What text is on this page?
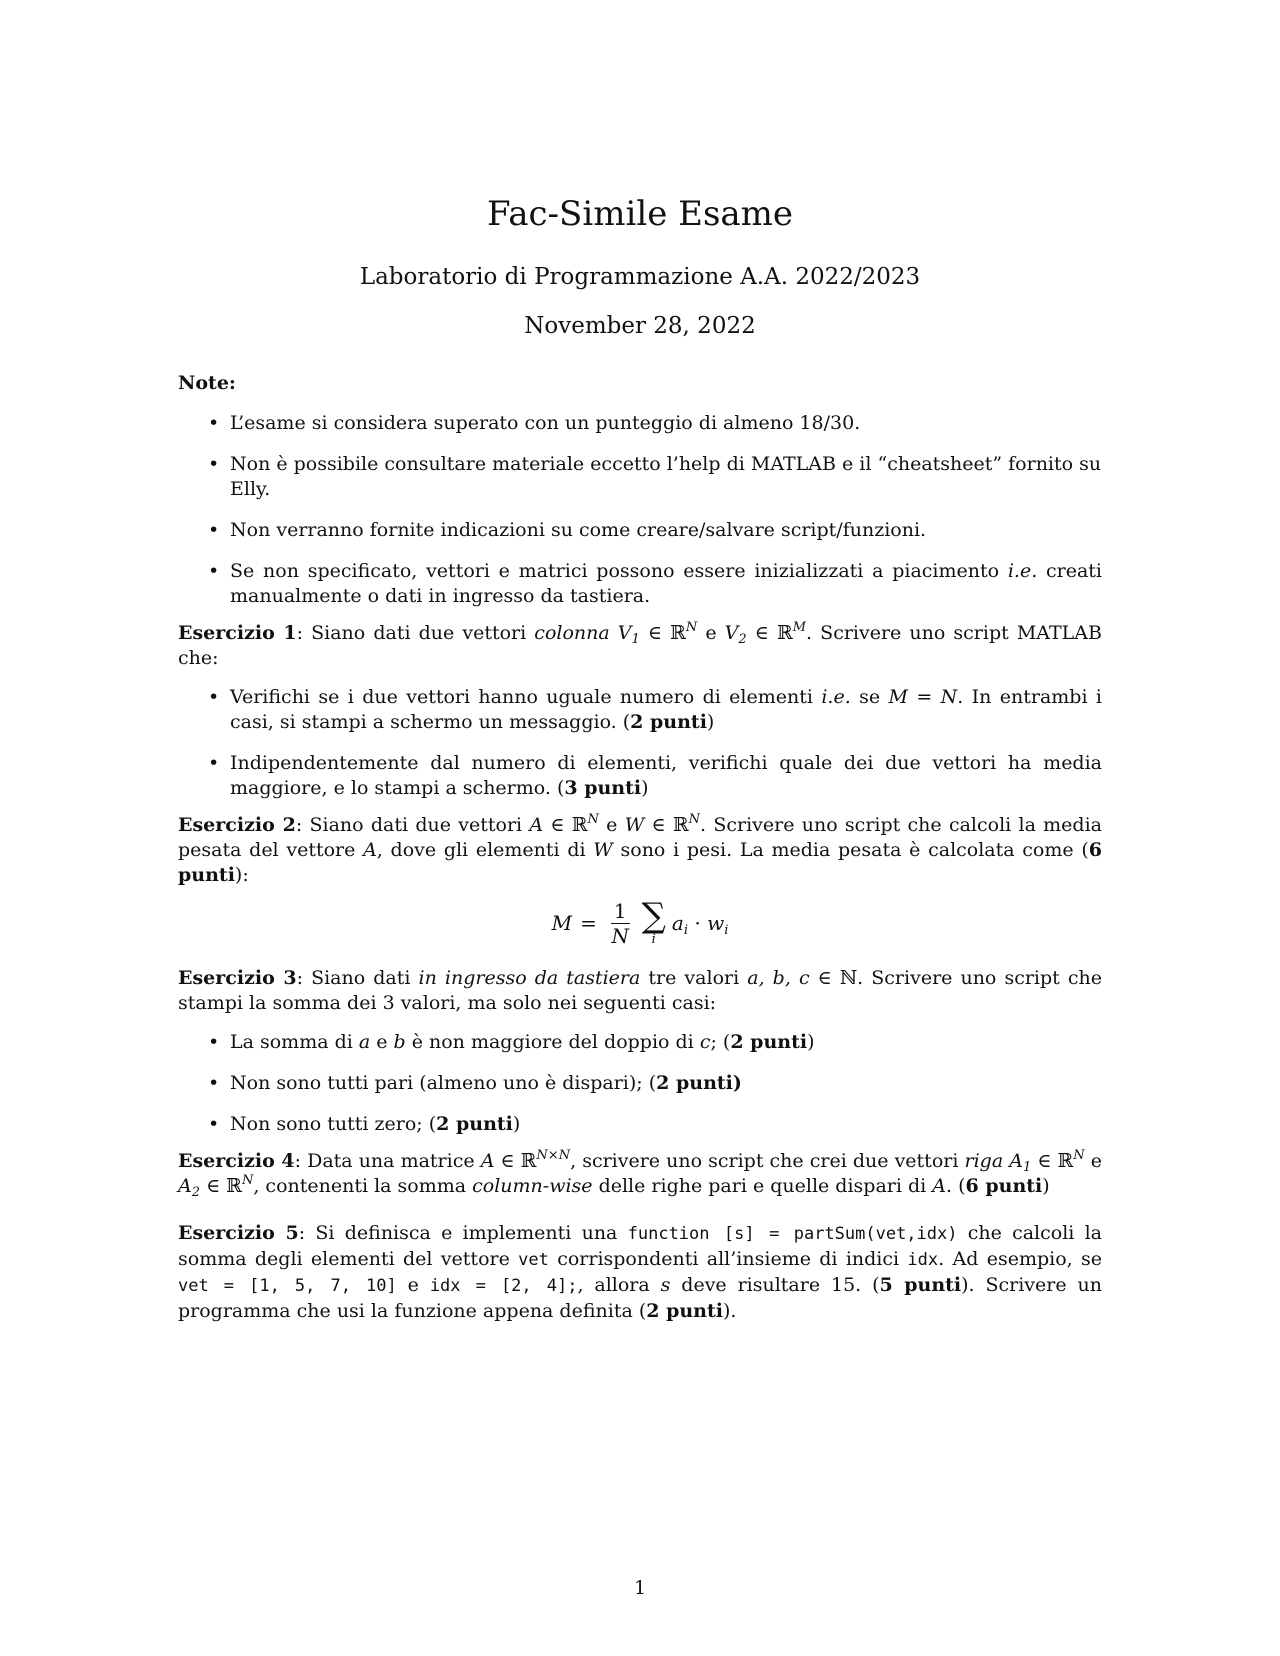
Fac-Simile Esame
Laboratorio di Programmazione A.A. 2022/2023
November 28, 2022
Note:
• L’esame si considera superato con un punteggio di almeno 18/30.
• Non è possibile consultare materiale eccetto l’help di MATLAB e il “cheatsheet” fornito su Elly.
• Non verranno fornite indicazioni su come creare/salvare script/funzioni.
• Se non specificato, vettori e matrici possono essere inizializzati a piacimento i.e. creati manualmente o dati in ingresso da tastiera.

Esercizio 1: Siano dati due vettori colonna $V_1$ ∈ ℝ$^N$ e $V_2$ ∈ ℝ$^M$. Scrivere uno script MATLAB che:

• Verifichi se i due vettori hanno uguale numero di elementi i.e. se M = N. In entrambi i casi, si stampi a schermo un messaggio. (2 punti)
• Indipendentemente dal numero di elementi, verifichi quale dei due vettori ha media maggiore, e lo stampi a schermo. (3 punti)

Esercizio 2: Siano dati due vettori A ∈ ℝ$^N$ e W ∈ ℝ$^N$. Scrivere uno script che calcoli la media pesata del vettore A, dove gli elementi di W sono i pesi. La media pesata è calcolata come (6 punti):

$M = \frac{1}{N}$ ∑
i
$a_i \cdot w_i$

Esercizio 3: Siano dati in ingresso da tastiera tre valori a, b, c ∈ ℕ. Scrivere uno script che stampi la somma dei 3 valori, ma solo nei seguenti casi:

• La somma di a e b è non maggiore del doppio di c; (2 punti)
• Non sono tutti pari (almeno uno è dispari); (2 punti)
• Non sono tutti zero; (2 punti)

Esercizio 4: Data una matrice A ∈ ℝ$^{N\times N}$, scrivere uno script che crei due vettori riga $A_1$ ∈ ℝ$^N$ e $A_2$ ∈ ℝ$^N$, contenenti la somma column-wise delle righe pari e quelle dispari di A. (6 punti)

Esercizio 5: Si definisca e implementi una function [s] = partSum(vet,idx) che calcoli la somma degli elementi del vettore vet corrispondenti all’insieme di indici idx. Ad esempio, se vet = [1, 5, 7, 10] e idx = [2, 4];, allora s deve risultare 15. (5 punti). Scrivere un programma che usi la funzione appena definita (2 punti).

1
